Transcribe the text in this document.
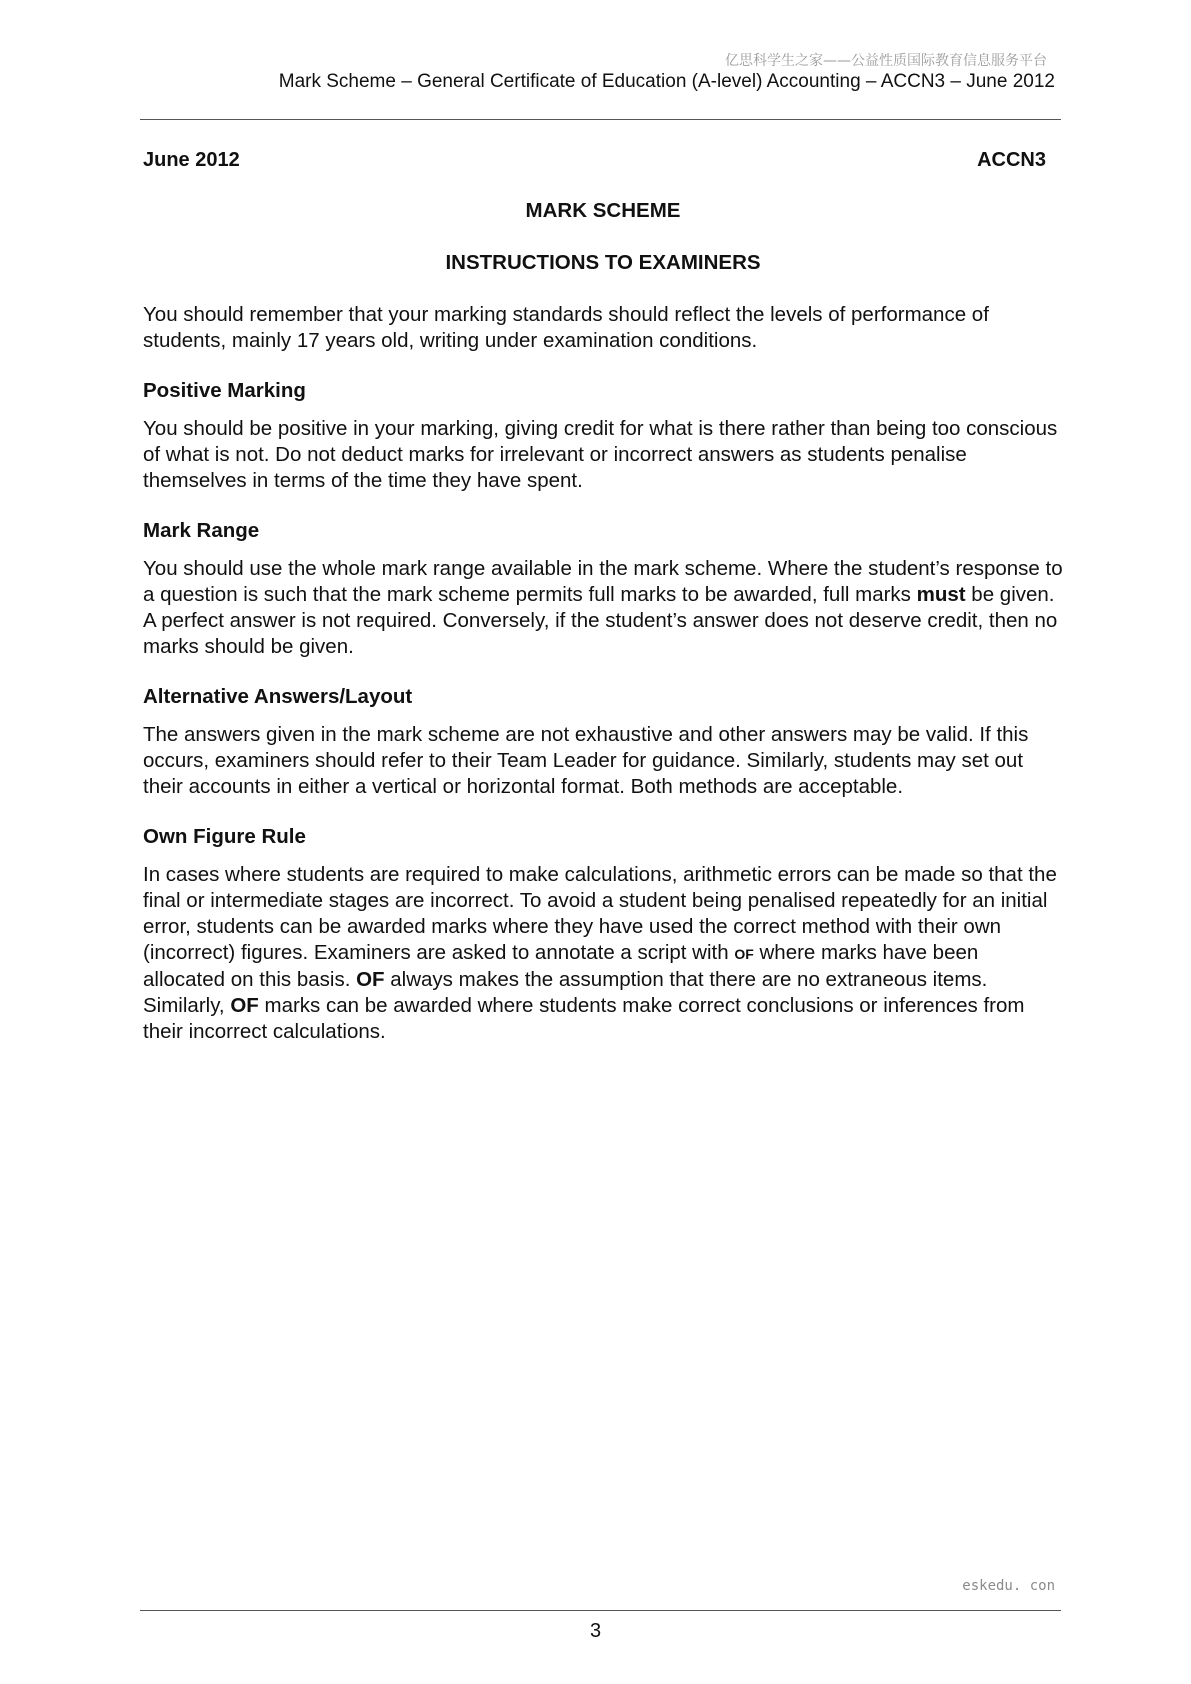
亿思科学生之家——公益性质国际教育信息服务平台
Mark Scheme – General Certificate of Education (A-level) Accounting – ACCN3 – June 2012
June 2012	ACCN3
MARK SCHEME
INSTRUCTIONS TO EXAMINERS

You should remember that your marking standards should reflect the levels of performance of students, mainly 17 years old, writing under examination conditions.

Positive Marking

You should be positive in your marking, giving credit for what is there rather than being too conscious of what is not. Do not deduct marks for irrelevant or incorrect answers as students penalise themselves in terms of the time they have spent.

Mark Range

You should use the whole mark range available in the mark scheme. Where the student’s response to a question is such that the mark scheme permits full marks to be awarded, full marks must be given. A perfect answer is not required. Conversely, if the student’s answer does not deserve credit, then no marks should be given.

Alternative Answers/Layout

The answers given in the mark scheme are not exhaustive and other answers may be valid. If this occurs, examiners should refer to their Team Leader for guidance. Similarly, students may set out their accounts in either a vertical or horizontal format. Both methods are acceptable.

Own Figure Rule

In cases where students are required to make calculations, arithmetic errors can be made so that the final or intermediate stages are incorrect. To avoid a student being penalised repeatedly for an initial error, students can be awarded marks where they have used the correct method with their own (incorrect) figures. Examiners are asked to annotate a script with OF where marks have been allocated on this basis. OF always makes the assumption that there are no extraneous items. Similarly, OF marks can be awarded where students make correct conclusions or inferences from their incorrect calculations.

eskedu. con
3
